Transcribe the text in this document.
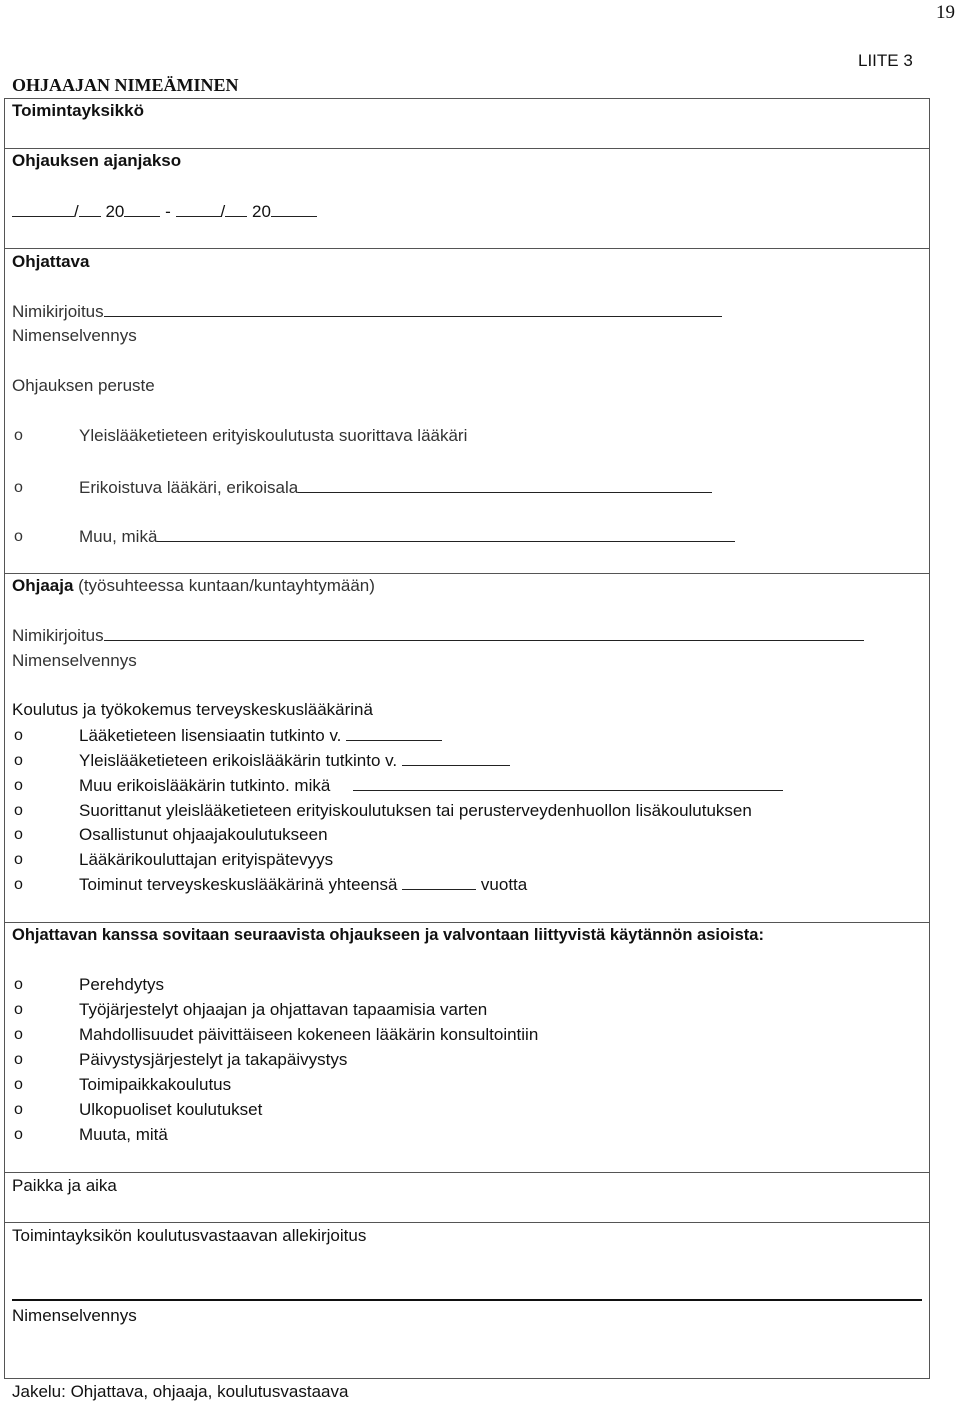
19
LIITE 3
OHJAAJAN NIMEÄMINEN
Toimintayksikkö
Ohjauksen ajanjakso
/ 20 -	/ 20
Ohjattava
Nimikirjoitus
Nimenselvennys
Ohjauksen peruste
o	Yleislääketieteen erityiskoulutusta suorittava lääkäri
o	Erikoistuva lääkäri, erikoisala
o	Muu, mikä
Ohjaaja (työsuhteessa kuntaan/kuntayhtymään)
Nimikirjoitus
Nimenselvennys
Koulutus ja työkokemus terveyskeskuslääkärinä
o	Lääketieteen lisensiaatin tutkinto v.
o	Yleislääketieteen erikoislääkärin tutkinto v.
o	Muu erikoislääkärin tutkinto. mikä
o	Suorittanut yleislääketieteen erityiskoulutuksen tai perusterveydenhuollon lisäkoulutuksen
o	Osallistunut ohjaajakoulutukseen
o	Lääkärikouluttajan erityispätevyys
o	Toiminut terveyskeskuslääkärinä yhteensä	vuotta
Ohjattavan kanssa sovitaan seuraavista ohjaukseen ja valvontaan liittyvistä käytännön asioista:
o	Perehdytys
o	Työjärjestelyt ohjaajan ja ohjattavan tapaamisia varten
o	Mahdollisuudet päivittäiseen kokeneen lääkärin konsultointiin
o	Päivystysjärjestelyt ja takapäivystys
o	Toimipaikkakoulutus
o	Ulkopuoliset koulutukset
o	Muuta, mitä
Paikka ja aika
Toimintayksikön koulutusvastaavan allekirjoitus
Nimenselvennys
Jakelu: Ohjattava, ohjaaja, koulutusvastaava
